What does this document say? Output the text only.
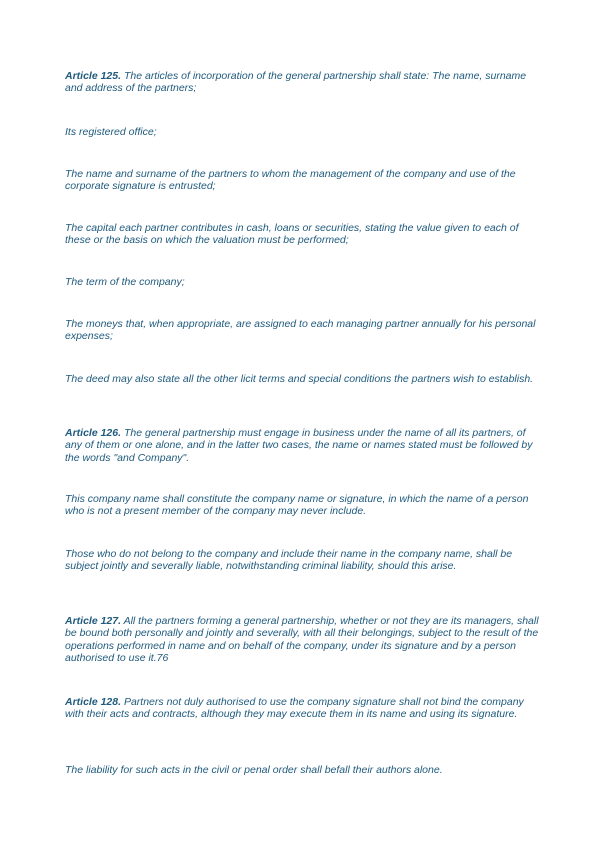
Article 125. The articles of incorporation of the general partnership shall state: The name, surname and address of the partners;

Its registered office;

The name and surname of the partners to whom the management of the company and use of the corporate signature is entrusted;

The capital each partner contributes in cash, loans or securities, stating the value given to each of these or the basis on which the valuation must be performed;

The term of the company;

The moneys that, when appropriate, are assigned to each managing partner annually for his personal expenses;

The deed may also state all the other licit terms and special conditions the partners wish to establish.

Article 126. The general partnership must engage in business under the name of all its partners, of any of them or one alone, and in the latter two cases, the name or names stated must be followed by the words "and Company".

This company name shall constitute the company name or signature, in which the name of a person who is not a present member of the company may never include.

Those who do not belong to the company and include their name in the company name, shall be subject jointly and severally liable, notwithstanding criminal liability, should this arise.

Article 127. All the partners forming a general partnership, whether or not they are its managers, shall be bound both personally and jointly and severally, with all their belongings, subject to the result of the operations performed in name and on behalf of the company, under its signature and by a person authorised to use it.76

Article 128. Partners not duly authorised to use the company signature shall not bind the company with their acts and contracts, although they may execute them in its name and using its signature.

The liability for such acts in the civil or penal order shall befall their authors alone.
